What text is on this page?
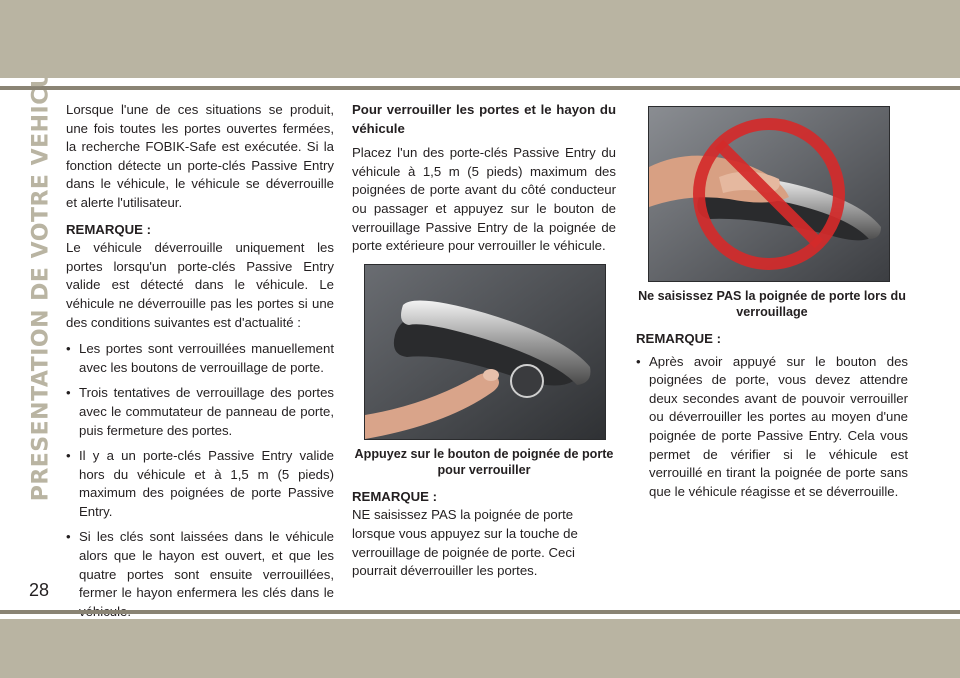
PRESENTATION DE VOTRE VEHICULE Lorsque l'une de ces situations se produit, une fois toutes les portes ouvertes fermées, la recherche FOBIK-Safe est exécutée. Si la fonction détecte un porte-clés Passive Entry dans le véhicule, le véhicule se déverrouille et alerte l'utilisateur.

REMARQUE :

Le véhicule déverrouille uniquement les portes lorsqu'un porte-clés Passive Entry valide est détecté dans le véhicule. Le véhicule ne déverrouille pas les portes si une des conditions suivantes est d'actualité :

• Les portes sont verrouillées manuellement avec les boutons de verrouillage de porte.
• Trois tentatives de verrouillage des portes avec le commutateur de panneau de porte, puis fermeture des portes.
• Il y a un porte-clés Passive Entry valide hors du véhicule et à 1,5 m (5 pieds) maximum des poignées de porte Passive Entry.
• Si les clés sont laissées dans le véhicule alors que le hayon est ouvert, et que les quatre portes sont ensuite verrouillées, fermer le hayon enfermera les clés dans le
Pour verrouiller les portes et le hayon du véhicule

Placez l'un des porte-clés Passive Entry du véhicule à 1,5 m (5 pieds) maximum des poignées de porte avant du côté conducteur ou passager et appuyez sur le bouton de verrouillage Passive Entry de la poignée de porte extérieure pour verrouiller le véhicule.

Appuyez sur le bouton de poignée de porte pour verrouiller
REMARQUE :

NE saisissez PAS la poignée de porte lorsque vous appuyez sur la touche de verrouillage de poignée de porte. Ceci pourrait déverrouiller les portes.

Ne saisissez PAS la poignée de porte lors du verrouillage
REMARQUE :
• Après avoir appuyé sur le bouton des poignées de porte, vous devez attendre deux secondes avant de pouvoir verrouiller ou déverrouiller les portes au moyen d'une poignée de porte Passive Entry. Cela vous permet de vérifier si le véhicule est verrouillé en tirant la poignée de porte sans que le véhicule réagisse et se déverrouille.
28
